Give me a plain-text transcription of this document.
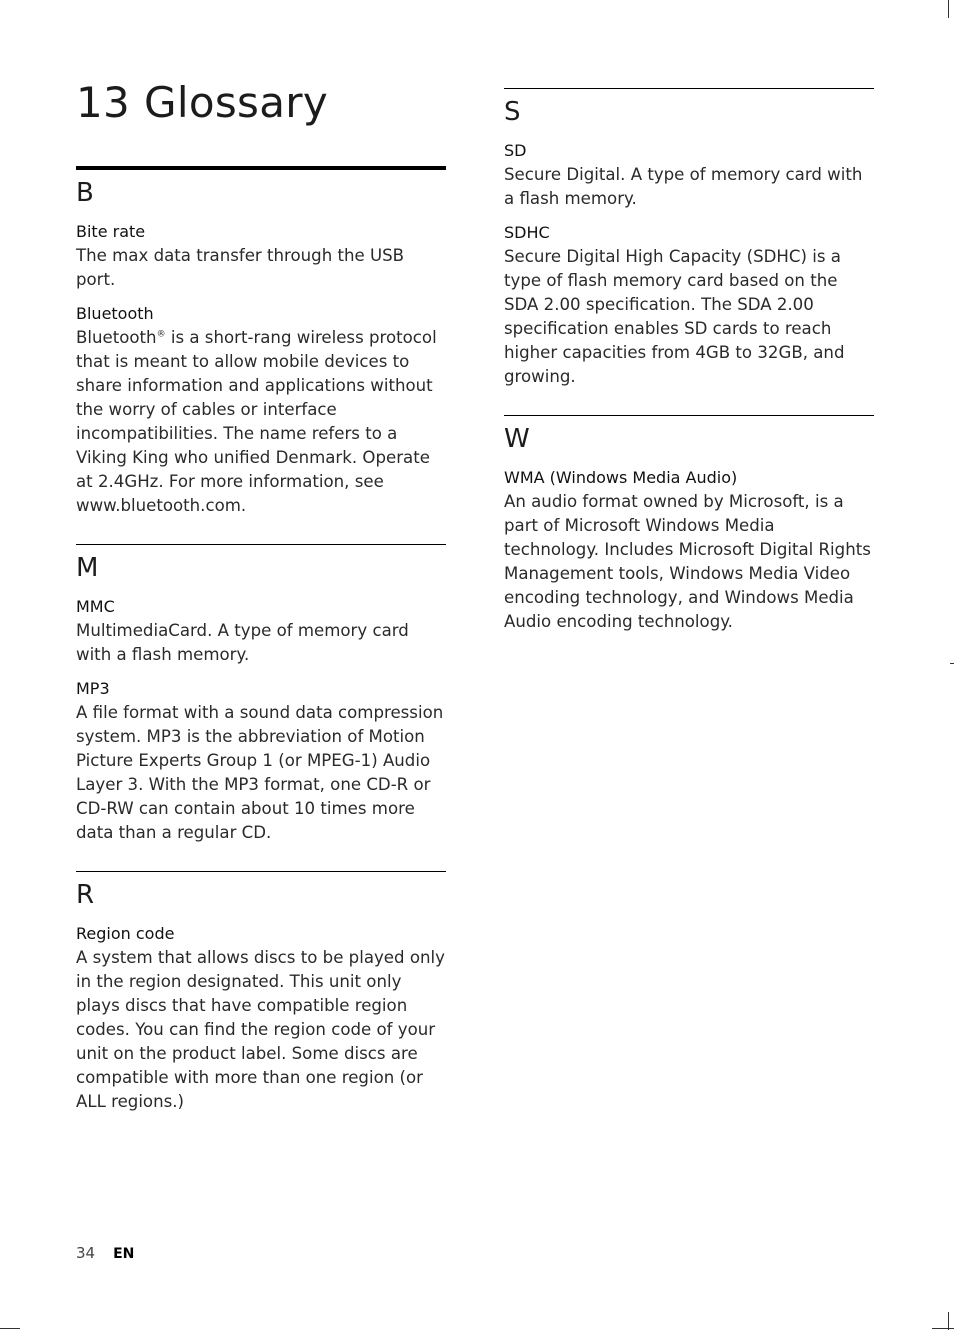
13 Glossary
B
Bite rate

The max data transfer through the USB port.

Bluetooth

Bluetooth® is a short-rang wireless protocol that is meant to allow mobile devices to share information and applications without the worry of cables or interface incompatibilities. The name refers to a Viking King who unified Denmark. Operate at 2.4GHz. For more information, see www.bluetooth.com.

M
MMC

MultimediaCard. A type of memory card with a flash memory.

MP3

A file format with a sound data compression system. MP3 is the abbreviation of Motion Picture Experts Group 1 (or MPEG-1) Audio Layer 3. With the MP3 format, one CD-R or CD-RW can contain about 10 times more data than a regular CD.

R
Region code

A system that allows discs to be played only in the region designated. This unit only plays discs that have compatible region codes. You can find the region code of your unit on the product label. Some discs are compatible with more than one region (or ALL regions.)

S
SD

Secure Digital. A type of memory card with a flash memory.

SDHC

Secure Digital High Capacity (SDHC) is a type of flash memory card based on the SDA 2.00 specification. The SDA 2.00 specification enables SD cards to reach higher capacities from 4GB to 32GB, and growing.

W
WMA (Windows Media Audio)

An audio format owned by Microsoft, is a part of Microsoft Windows Media technology. Includes Microsoft Digital Rights Management tools, Windows Media Video encoding technology, and Windows Media Audio encoding technology.

34 EN
